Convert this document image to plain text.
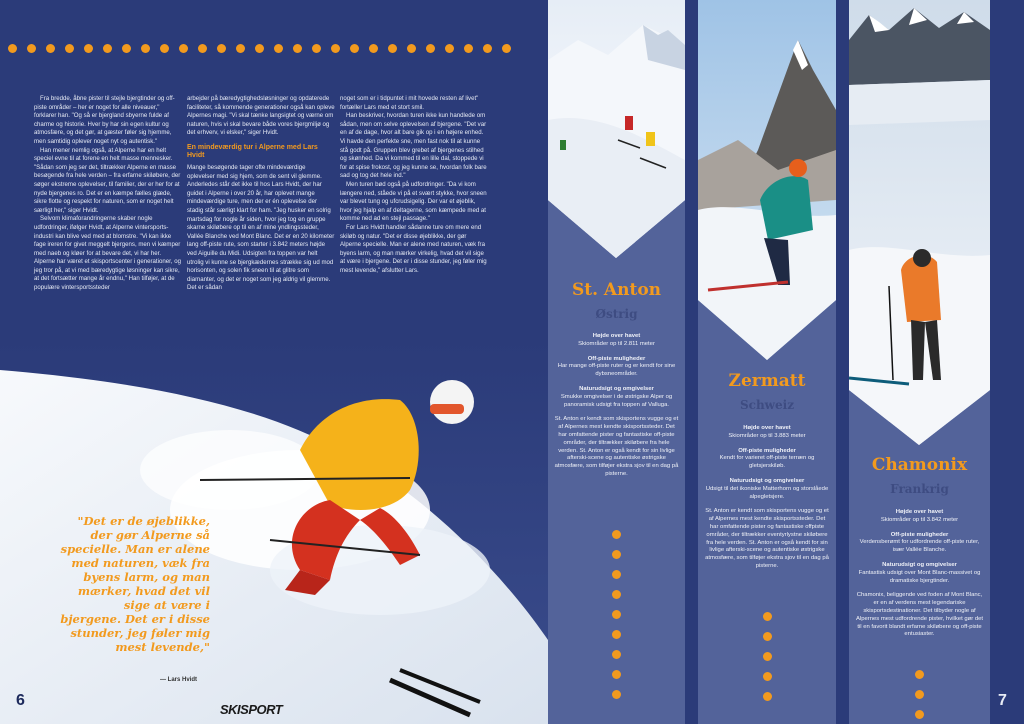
Fra bredde, åbne pister til stejle bjergtinder og off-piste områder – her er noget for alle niveauer," forklarer han. "Og så er bjergland sbyerne fulde af charme og historie. Hver by har sin egen kultur og atmosfære, og det gør, at gæster føler sig hjemme, men samtidig oplever noget nyt og autentisk."

Han mener nemlig også, at Alperne har en helt speciel evne til at forene en helt masse mennesker. "Sådan som jeg ser det, tiltrækker Alperne en masse besøgende fra hele verden – fra erfarne skiløbere, der søger ekstreme oplevelser, til familier, der er her for at nyde bjergenes ro. Det er en kæmpe fælles glæde, sikre flotte og respekt for naturen, som er noget helt særligt her," siger Hvidt.

Selvom klimaforandringerne skaber nogle udfordringer, ifølger Hvidt, at Alperne vintersports-industri kan blive ved med at blomstre. "Vi kan ikke fage ireren for givet meggelt bjergens, men vi kæmper med naeb og kløer for at bevare det, vi har her. Alperne har været et skisportscenter i generationer, og jeg tror på, at vi med bæredygtige løsninger kan sikre, at det fortsætter mange år endnu," Han tilføjer, at de populære vintersportssteder

arbejder på bæredygtighedsløsninger og opdaterede faciliteter, så kommende generationer også kan opleve Alpernes magi. "Vi skal tænke langsigtet og værne om naturen, hvis vi skal bevare både vores bjergmiljø og det erhverv, vi elsker," siger Hvidt.

En mindeværdig tur i Alperne med Lars Hvidt

Mange besøgende tager ofte mindeværdige oplevelser med sig hjem, som de sent vil glemme. Anderledes står det ikke til hos Lars Hvidt, der har guidet i Alperne i over 20 år, har oplevet mange mindeværdige ture, men der er én oplevelse der stadig står særligt klart for ham. "Jeg husker en solrig martsdag for nogle år siden, hvor jeg tog en gruppe skarne skiløbere op til en af mine yndlingssteder, Vallée Blanche ved Mont Blanc. Det er en 20 kilometer lang off-piste rute, som starter i 3.842 meters højde ved Aiguille du Midi. Udsigten fra toppen var helt utrolig vi kunne se bjergkædernes strække sig ud mod horisonten, og solen fik sneen til at glitre som diamanter, og det er noget som jeg aldrig vil glemme. Det er sådan

noget som er i tidpuntet i mit hovede resten af livet" fortæller Lars med et stort smil.

Han beskriver, hvordan turen ikke kun handlede om sådan, men om selve oplevelsen af bjergene. "Det var en af de dage, hvor alt bare gik op i en højere enhed. Vi havde den perfekte sne, men fast nok til at kunne stå godt på. Gruppen blev grebet af bjergenes stilhed og skønhed. Da vi kommed til en lille dal, stoppede vi for at spise frokost, og jeg kunne se, hvordan folk bare sad og tog det hele ind."

Men turen bød også på udfordringer. "Da vi kom længere ned, ståede vi på et svært stykke, hvor sneen var blevet tung og ufcrudsigelig. Der var et øjeblik, hvor jeg hjalp en af deltagerne, som kæmpede med at komme ned ad en stejl passage."

For Lars Hvidt handler sådanne ture om mere end skiløb og natur. "Det er disse øjeblikke, der gør Alperne specielle. Man er alene med naturen, væk fra byens larm, og man mærker virkelig, hvad det vil sige at være i bjergene. Det er i disse stunder, jeg føler mig mest levende," afslutter Lars.

"Det er de øjeblikke, der gør Alperne så specielle. Man er alene med naturen, væk fra byens larm, og man mærker, hvad det vil sige at være i bjergene. Det er i disse stunder, jeg føler mig mest levende,"
— Lars Hvidt
6
SKISPORT
St. Anton
Østrig
Højde over havet
Skiområder op til 2.811 meter
Off-piste muligheder
Har mange off-piste ruter og er kendt for sine dybsneområder.
Naturudsigt og omgivelser
Smukke omgivelser i de østrigske Alper og panoramisk udsigt fra toppen af Valluga.
St. Anton er kendt som skisportens vugge og et af Alpernes mest kendte skisportssteder. Det har omfattende pister og fantastiske off-piste områder, der tiltrækker skiløbere fra hele verden. St. Anton er også kendt for sin livlige afterski-scene og autentiske østrigske atmosfære, som tilføjer ekstra sjov til en dag på pisterne.
Zermatt
Schweiz
Højde over havet
Skiområder op til 3.883 meter
Off-piste muligheder
Kendt for varieret off-piste terræn og gletsjerskiløb.
Naturudsigt og omgivelser
Udsigt til det ikoniske Matterhorn og storslåede alpegletsjere.
St. Anton er kendt som skisportens vugge og et af Alpernes mest kendte skisportssteder. Det har omfattende pister og fantastiske offpiste områder, der tiltrækker eventyrlystne skiløbere fra hele verden. St. Anton er også kendt for sin livlige afterski-scene og autentiske østrigske atmosfære, som tilføjer ekstra sjov til en dag på pisterne.
Chamonix
Frankrig
Højde over havet
Skiområder op til 3.842 meter
Off-piste muligheder
Verdensberømt for udfordrende off-piste ruter, især Vallée Blanche.
Naturudsigt og omgivelser
Fantastisk udsigt over Mont Blanc-massivet og dramatiske bjergtinder.
Chamonix, beliggende ved foden af Mont Blanc, er en af verdens mest legendariske skisportsdestinationer. Det tilbyder nogle af Alpernes mest udfordrende pister, hvilket gør det til en favorit blandt erfarne skiløbere og off-piste entusiaster.
7
